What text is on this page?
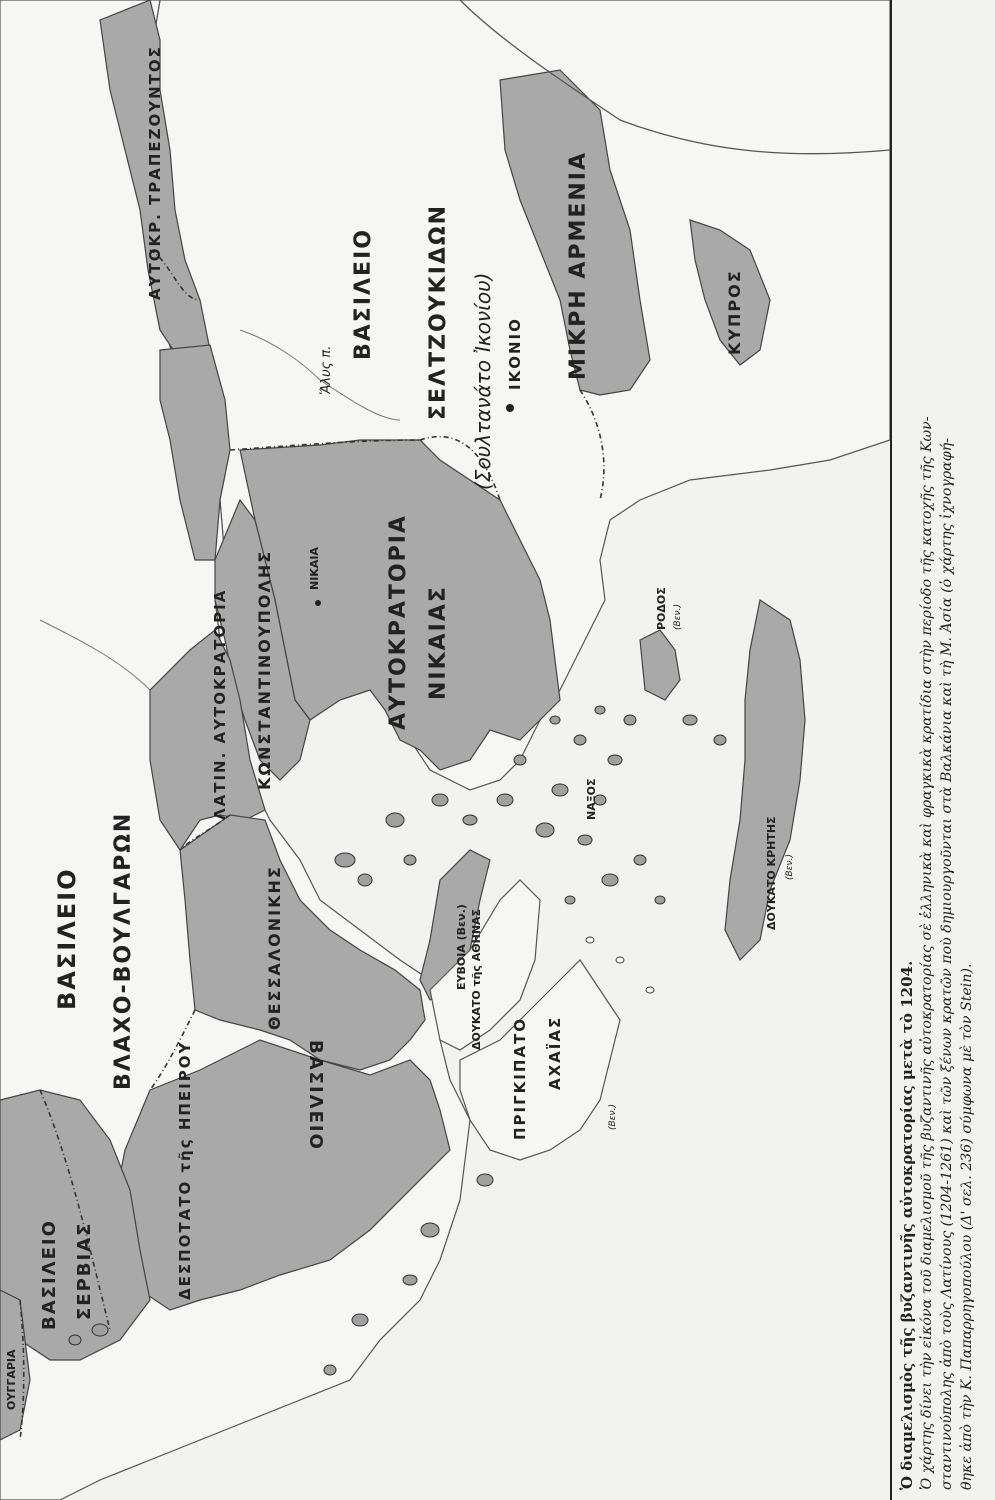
ΑΥΤΟΚΡ. ΤΡΑΠΕΖΟΥΝΤΟΣ	ΒΑΣΙΛΕΙΟ ΣΕΛΤΖΟΥΚΙΔΩΝ (Σουλτανάτο Ἰκονίου) ΙΚΟΝΙΟ ΜΙΚΡΗ ΑΡΜΕΝΙΑ	ΚΥΠΡΟΣ
Ἅλυς π.
ΑΥΤΟΚΡΑΤΟΡΙΑ ΝΙΚΑΙΑΣ
ΝΙΚΑΙΑ
ΚΩΝΣΤΑΝΤΙΝΟΥΠΟΛΗΣ
ΛΑΤΙΝ. ΑΥΤΟΚΡΑΤΟΡΙΑ
ΒΑΣΙΛΕΙΟ ΒΛΑΧΟ-ΒΟΥΛΓΑΡΩΝ	ΘΕΣΣΑΛΟΝΙΚΗΣ
ΒΑΣΙΛΕΙΟ
ΒΑΣΙΛΕΙΟ ΣΕΡΒΙΑΣ
ΟΥΓΓΑΡΙΑ
ΔΕΣΠΟΤΑΤΟ τῆς ΗΠΕΙΡΟΥ
ΔΟΥΚΑΤΟ τῆς ΑΘΗΝΑΣ
ΠΡΙΓΚΙΠΑΤΟ ΑΧΑΪΑΣ
ΕΥΒΟΙΑ (Βεν.)
ΝΑΞΟΣ
ΡΟΔΟΣ (Βεν.)
ΔΟΥΚΑΤΟ ΚΡΗΤΗΣ (Βεν.)
(Βεν.)	Ὁ διαμελισμὸς τῆς βυζαντινῆς αὐτοκρατορίας μετὰ τὸ 1204. Ὁ χάρτης δίνει τὴν εἰκόνα τοῦ διαμελισμοῦ τῆς βυζαντινῆς αὐτοκρατορίας σὲ ἑλληνικὰ καὶ φραγκικὰ κρατίδια στὴν περίοδο τῆς κατοχῆς τῆς Κων- σταντινούπολης ἀπὸ τοὺς Λατίνους (1204-1261) καὶ τῶν ξένων κρατῶν ποὺ δημιουργοῦνται στὰ Βαλκάνια καὶ τὴ Μ. Ἀσία (ὁ χάρτης ἰχνογραφή- θηκε ἀπὸ τὴν Κ. Παπαρρηγοπούλου (Δ' σελ. 236) σύμφωνα μὲ τὸν Stein).
